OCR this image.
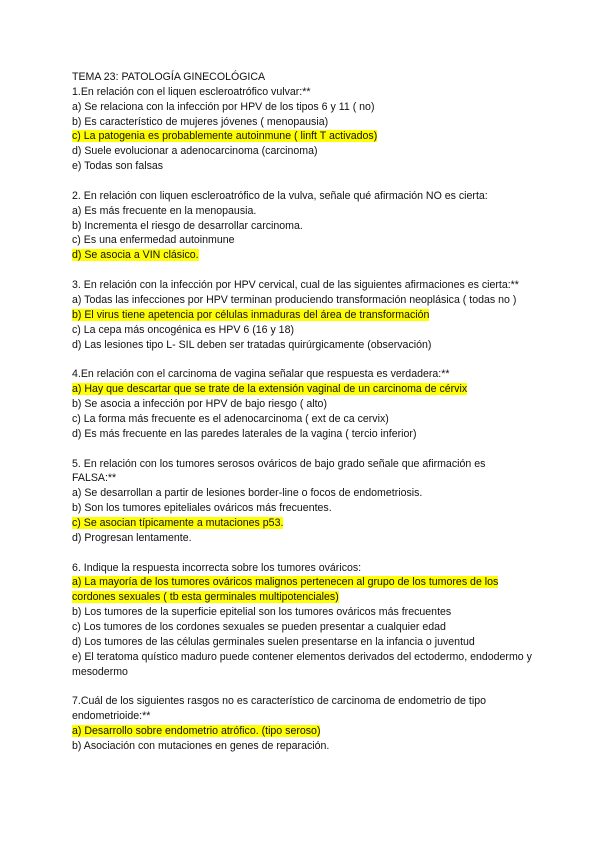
TEMA 23: PATOLOGÍA GINECOLÓGICA
1.En relación con el liquen escleroatrófico vulvar:**
a) Se relaciona con la infección por HPV de los tipos 6 y 11 ( no)
b) Es característico de mujeres jóvenes ( menopausia)
c) La patogenia es probablemente autoinmune ( linft T activados)
d) Suele evolucionar a adenocarcinoma (carcinoma)
e) Todas son falsas
2. En relación con liquen escleroatrófico de la vulva, señale qué afirmación NO es cierta:
a) Es más frecuente en la menopausia.
b) Incrementa el riesgo de desarrollar carcinoma.
c) Es una enfermedad autoinmune
d) Se asocia a VIN clásico.
3. En relación con la infección por HPV cervical, cual de las siguientes afirmaciones es cierta:**
a) Todas las infecciones por HPV terminan produciendo transformación neoplásica ( todas no )
b) El virus tiene apetencia por células inmaduras del área de transformación
c) La cepa más oncogénica es HPV 6 (16 y 18)
d) Las lesiones tipo L- SIL deben ser tratadas quirúrgicamente (observación)
4.En relación con el carcinoma de vagina señalar que respuesta es verdadera:**
a) Hay que descartar que se trate de la extensión vaginal de un carcinoma de cérvix
b) Se asocia a infección por HPV de bajo riesgo ( alto)
c) La forma más frecuente es el adenocarcinoma ( ext de ca cervix)
d) Es más frecuente en las paredes laterales de la vagina ( tercio inferior)
5. En relación con los tumores serosos ováricos de bajo grado señale que afirmación es FALSA:**
a) Se desarrollan a partir de lesiones border-line o focos de endometriosis.
b) Son los tumores epiteliales ováricos más frecuentes.
c) Se asocian típicamente a mutaciones p53.
d) Progresan lentamente.
6. Indique la respuesta incorrecta sobre los tumores ováricos:
a) La mayoría de los tumores ováricos malignos pertenecen al grupo de los tumores de los cordones sexuales ( tb esta germinales multipotenciales)
b) Los tumores de la superficie epitelial son los tumores ováricos más frecuentes
c) Los tumores de los cordones sexuales se pueden presentar a cualquier edad
d) Los tumores de las células germinales suelen presentarse en la infancia o juventud
e) El teratoma quístico maduro puede contener elementos derivados del ectodermo, endodermo y mesodermo
7.Cuál de los siguientes rasgos no es característico de carcinoma de endometrio de tipo endometrioide:**
a) Desarrollo sobre endometrio atrófico. (tipo seroso)
b) Asociación con mutaciones en genes de reparación.
